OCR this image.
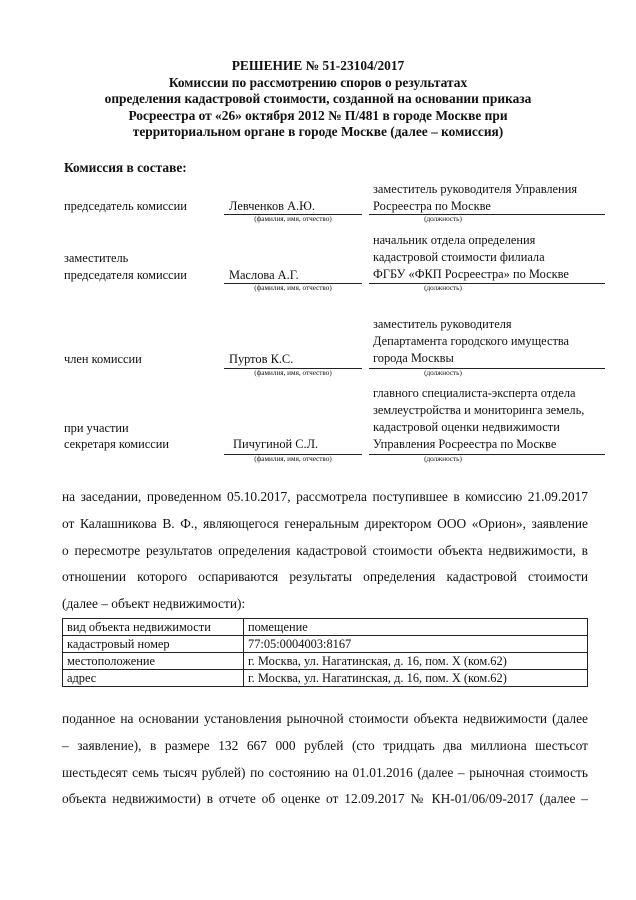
РЕШЕНИЕ № 51-23104/2017
Комиссии по рассмотрению споров о результатах
определения кадастровой стоимости, созданной на основании приказа
Росреестра от «26» октября 2012 № П/481 в городе Москве при
территориальном органе в городе Москве (далее – комиссия)
Комиссия в составе:
председатель комиссии	Левченков А.Ю.
(фамилия, имя, отчество)
заместитель руководителя Управления
Росреестра по Москве
(должность)
заместитель
председателя комиссии	Маслова А.Г.
(фамилия, имя, отчество)
начальник отдела определения
кадастровой стоимости филиала
ФГБУ «ФКП Росреестра» по Москве
(должность)
член комиссии	Пуртов К.С.
(фамилия, имя, отчество)
заместитель руководителя
Департамента городского имущества
города Москвы
(должность)
при участии
секретаря комиссии	Пичугиной С.Л.
(фамилия, имя, отчество)
главного специалиста-эксперта отдела
землеустройства и мониторинга земель,
кадастровой оценки недвижимости
Управления Росреестра по Москве
(должность)
на заседании, проведенном 05.10.2017, рассмотрела поступившее в комиссию 21.09.2017
от Калашникова В. Ф., являющегося генеральным директором ООО «Орион», заявление
о пересмотре результатов определения кадастровой стоимости объекта недвижимости, в
отношении которого оспариваются результаты определения кадастровой стоимости
(далее – объект недвижимости):
вид объекта недвижимости	помещение
кадастровый номер	77:05:0004003:8167
местоположение	г. Москва, ул. Нагатинская, д. 16, пом. X (ком.62)
адрес	г. Москва, ул. Нагатинская, д. 16, пом. X (ком.62)
поданное на основании установления рыночной стоимости объекта недвижимости (далее
– заявление), в размере 132 667 000 рублей (сто тридцать два миллиона шестьсот
шестьдесят семь тысяч рублей) по состоянию на 01.01.2016 (далее – рыночная стоимость
объекта недвижимости) в отчете об оценке от 12.09.2017 № КН-01/06/09-2017 (далее –
